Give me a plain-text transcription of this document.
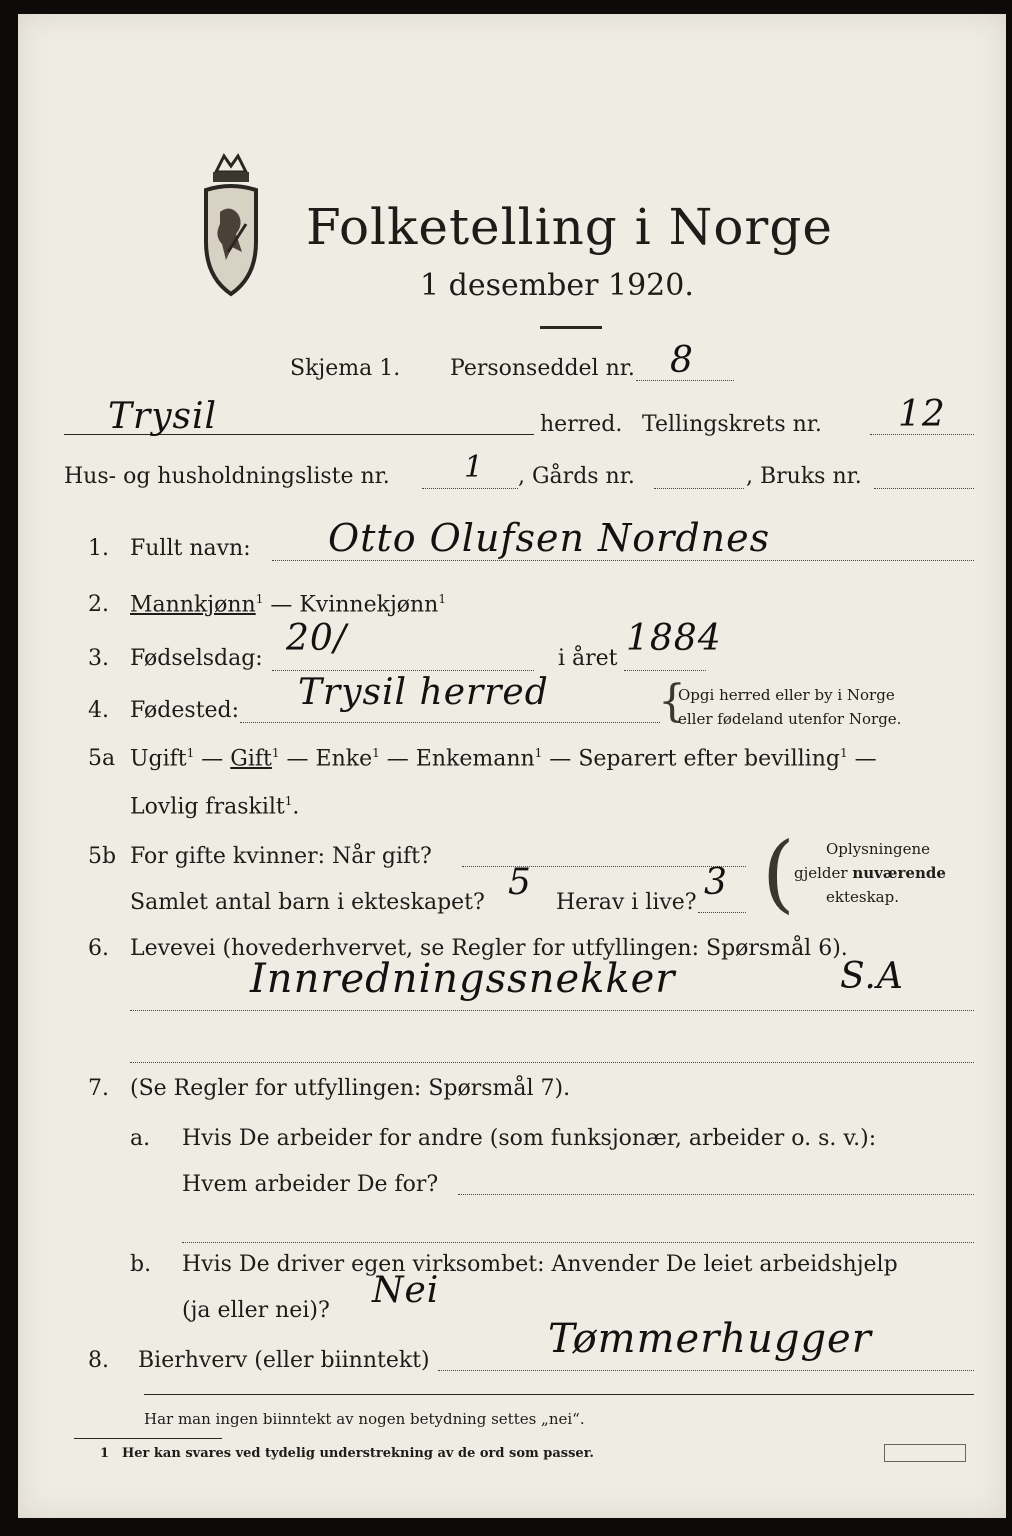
Folketelling i Norge
1 desember 1920.
Skjema 1. Personseddel nr. 8
Trysil	herred. Tellingskrets nr. 12
Hus- og husholdningsliste nr. 1 , Gårds nr.	, Bruks nr.
1. Fullt navn: Otto Olufsen Nordnes
2. Mannkjønn$^1$ — Kvinnekjønn$^1$
3. Fødselsdag: 20/	i året 1884
4. Fødested: Trysil herred {
Opgi herred eller by i Norge
eller fødeland utenfor Norge.
5a Ugift$^1$ — Gift$^1$ — Enke$^1$ — Enkemann$^1$ — Separert efter bevilling$^1$ —
Lovlig fraskilt$^1$.
5b For gifte kvinner: Når gift?
Samlet antal barn i ekteskapet? 5 Herav i live? 3 ( Oplysningene
gjelder nuværende
ekteskap.
6. Levevei (hovederhvervet, se Regler for utfyllingen: Spørsmål 6).
Innredningssnekker	S.A
7. (Se Regler for utfyllingen: Spørsmål 7).
a. Hvis De arbeider for andre (som funksjonær, arbeider o. s. v.):
Hvem arbeider De for?
b. Hvis De driver egen virksombet: Anvender De leiet arbeidshjelp
(ja eller nei)? Nei
8. Bierhverv (eller biinntekt)	Tømmerhugger
Har man ingen biinntekt av nogen betydning settes „nei“.
1 Her kan svares ved tydelig understrekning av de ord som passer.
